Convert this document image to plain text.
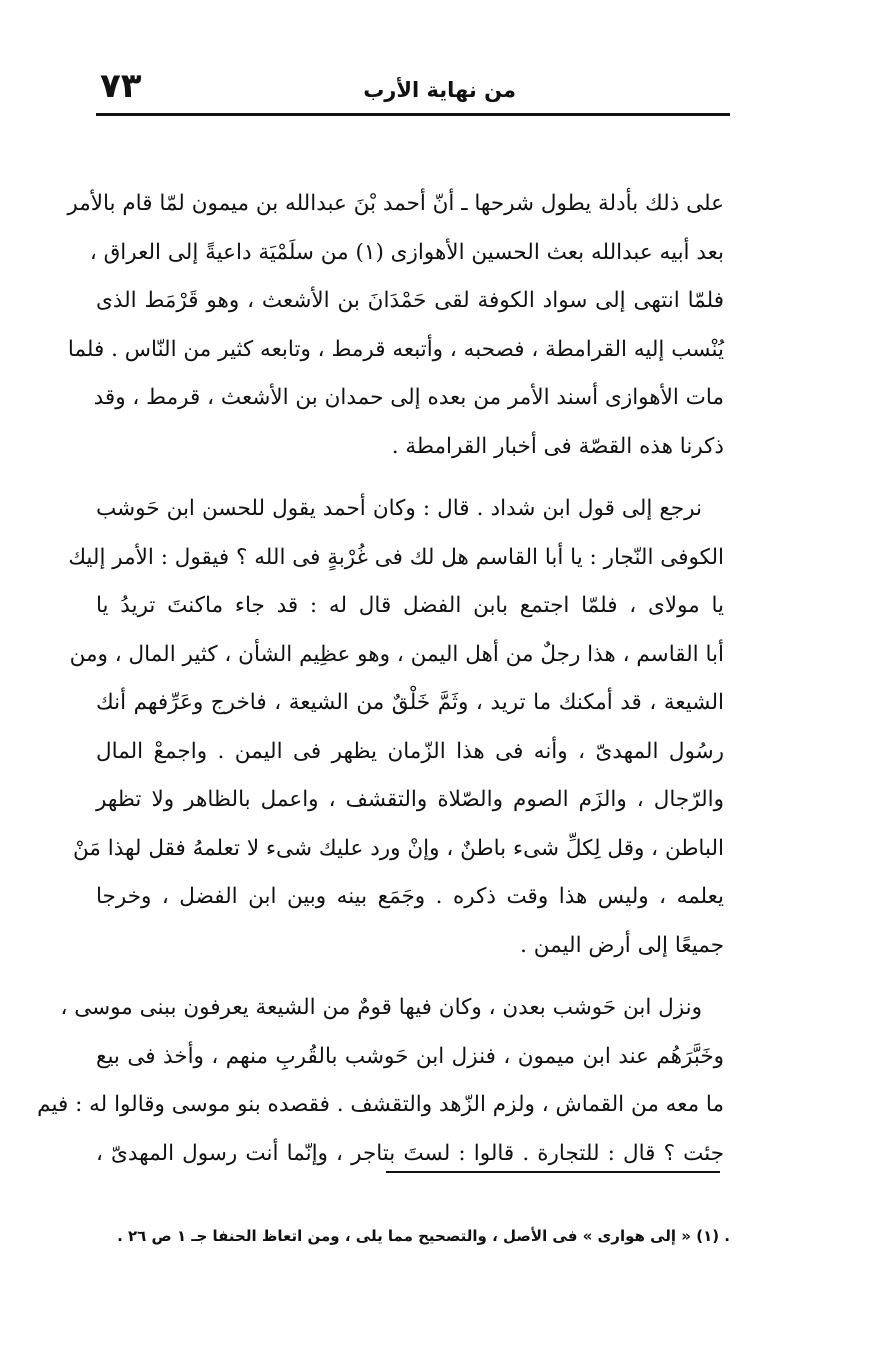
من نهاية الأرب
٧٣
على ذلك بأدلة يطول شرحها ـ أنّ أحمد بْنَ عبدالله بن ميمون لمّا قام بالأمر
بعد أبيه عبدالله بعث الحسين الأهوازى (١) من سلَمْيَة داعيةً إلى العراق ،
فلمّا انتهى إلى سواد الكوفة لقى حَمْدَانَ بن الأشعث ، وهو قَرْمَط الذى
يُنْسب إليه القرامطة ، فصحبه ، وأتبعه قرمط ، وتابعه كثير من النّاس . فلما
مات الأهوازى أسند الأمر من بعده إلى حمدان بن الأشعث ، قرمط ، وقد
ذكرنا هذه القصّة فى أخبار القرامطة .
نرجع إلى قول ابن شداد . قال : وكان أحمد يقول للحسن ابن حَوشب
الكوفى النّجار : يا أبا القاسم هل لك فى غُرْبةٍ فى الله ؟ فيقول : الأمر إليك
يا مولاى ، فلمّا اجتمع بابن الفضل قال له : قد جاء ماكنتَ تريدُ يا
أبا القاسم ، هذا رجلٌ من أهل اليمن ، وهو عظِيم الشأن ، كثير المال ، ومن
الشيعة ، قد أمكنك ما تريد ، وثَمَّ خَلْقٌ من الشيعة ، فاخرج وعَرِّفهم أنك
رسُول المهدىّ ، وأنه فى هذا الزّمان يظهر فى اليمن . واجمعْ المال
والرّجال ، والزَم الصوم والصّلاة والتقشف ، واعمل بالظاهر ولا تظهر
الباطن ، وقل لِكلِّ شىء باطنٌ ، وإنْ ورد عليك شىء لا تعلمهُ فقل لهذا مَنْ
يعلمه ، وليس هذا وقت ذكره . وجَمَع بينه وبين ابن الفضل ، وخرجا
جميعًا إلى أرض اليمن .
ونزل ابن حَوشب بعدن ، وكان فيها قومٌ من الشيعة يعرفون ببنى موسى ،
وخَبَّرَهُم عند ابن ميمون ، فنزل ابن حَوشب بالقُربِ منهم ، وأخذ فى بيع
ما معه من القماش ، ولزم الزّهد والتقشف . فقصده بنو موسى وقالوا له : فيم
جئت ؟ قال : للتجارة . قالوا : لستَ بتاجر ، وإنّما أنت رسول المهدىّ ،
. (١) « إلى هوارى » فى الأصل ، والتصحيح مما يلى ، ومن اتعاظ الحنفا جـ ١ ص ٢٦ .
